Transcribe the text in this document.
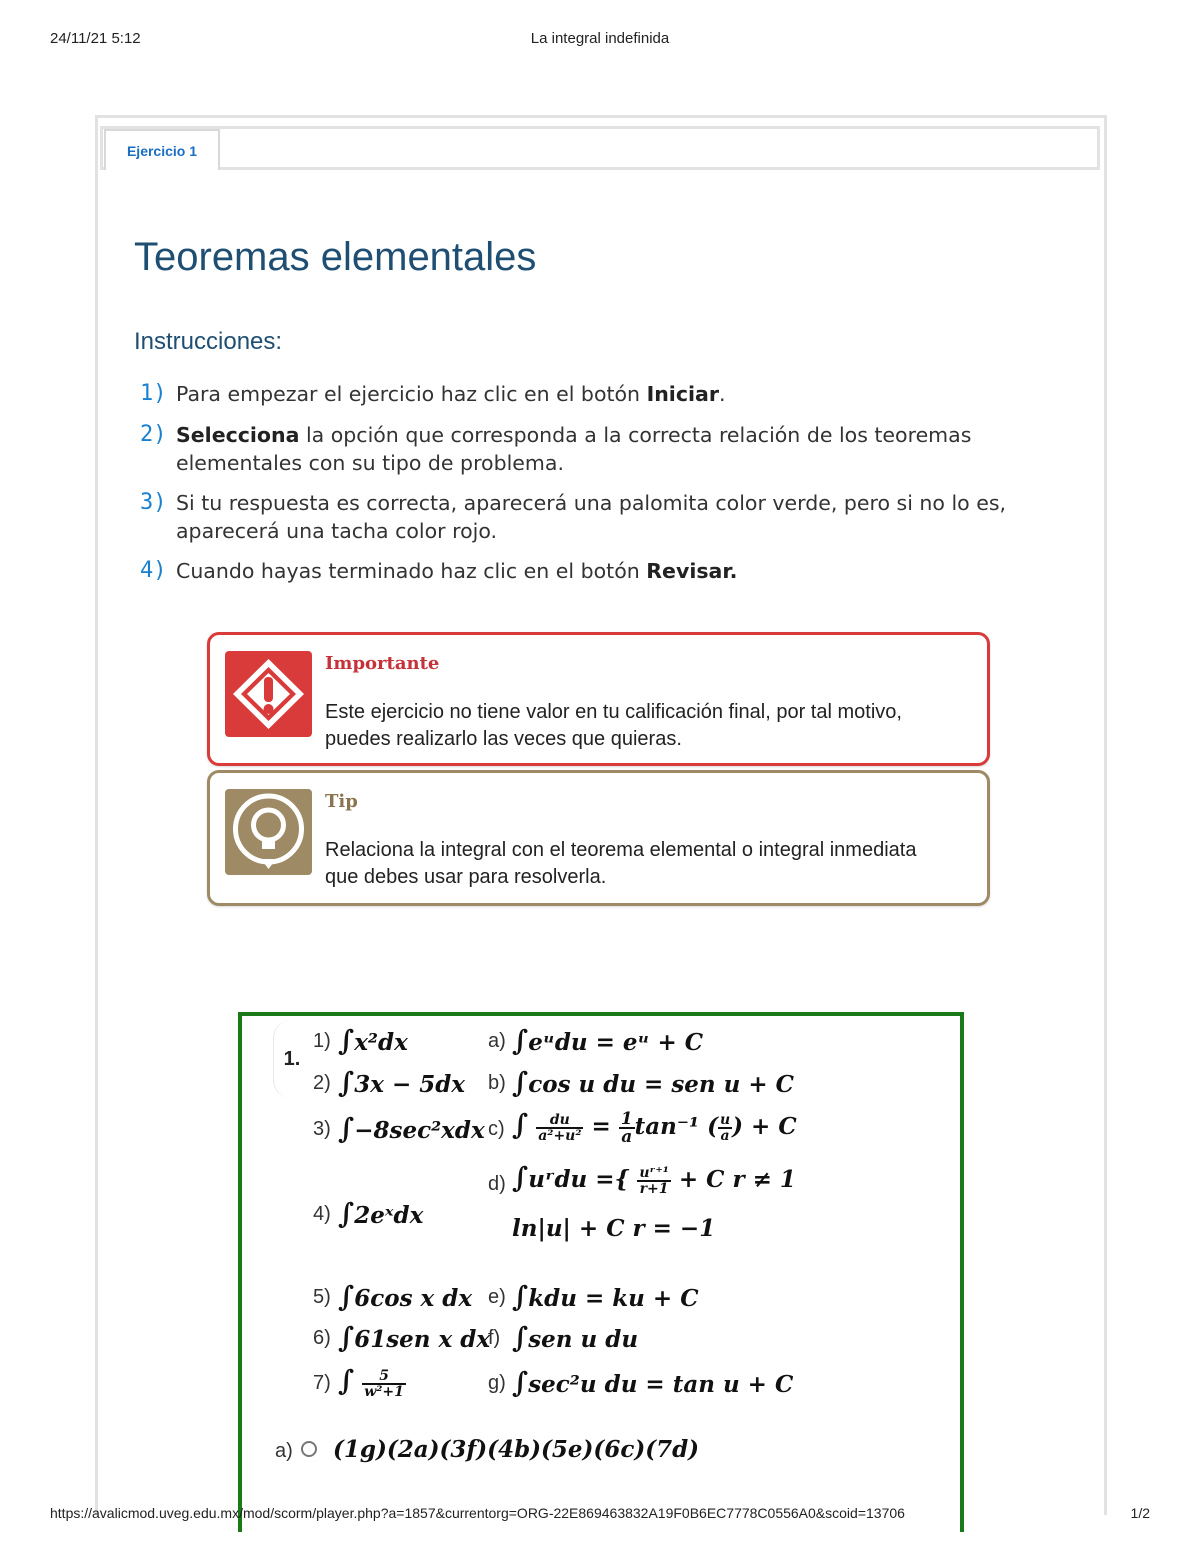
24/11/21 5:12	La integral indefinida
Ejercicio 1
Teoremas elementales
Instrucciones:
1) Para empezar el ejercicio haz clic en el botón Iniciar.
2) Selecciona la opción que corresponda a la correcta relación de los teoremas elementales con su tipo de problema.
3) Si tu respuesta es correcta, aparecerá una palomita color verde, pero si no lo es, aparecerá una tacha color rojo.
4) Cuando hayas terminado haz clic en el botón Revisar.
Importante
Este ejercicio no tiene valor en tu calificación final, por tal motivo, puedes realizarlo las veces que quieras.
Tip
Relaciona la integral con el teorema elemental o integral inmediata que debes usar para resolverla.
1.
1) ∫x²dx
2) ∫3x − 5dx
3) ∫−8sec²xdx
4) ∫2eˣdx
5) ∫6cos x dx
6) ∫61sen x dx
7) ∫ $\frac{5}{\text{w²+1}}$
a) ∫eᵘdu = eᵘ + C
b) ∫cos u du = sen u + C
c) ∫ $\frac{du}{\text{a²+u²}} = \frac{1}{a} \tan^{-1}$ ( $\frac{u}{a}$ ) + C
d) ∫uʳdu ={ $\frac{\text{uʳ⁺¹}}{r+1} + C$ r ≠ 1
ln|u| + C r = −1
e) ∫kdu = ku + C
f) ∫sen u du
g) ∫sec²u du = tan u + C
a) (1g)(2a)(3f)(4b)(5e)(6c)(7d)
https://avalicmod.uveg.edu.mx/mod/scorm/player.php?a=1857&currentorg=ORG-22E869463832A19F0B6EC7778C0556A0&scoid=13706	1/2
